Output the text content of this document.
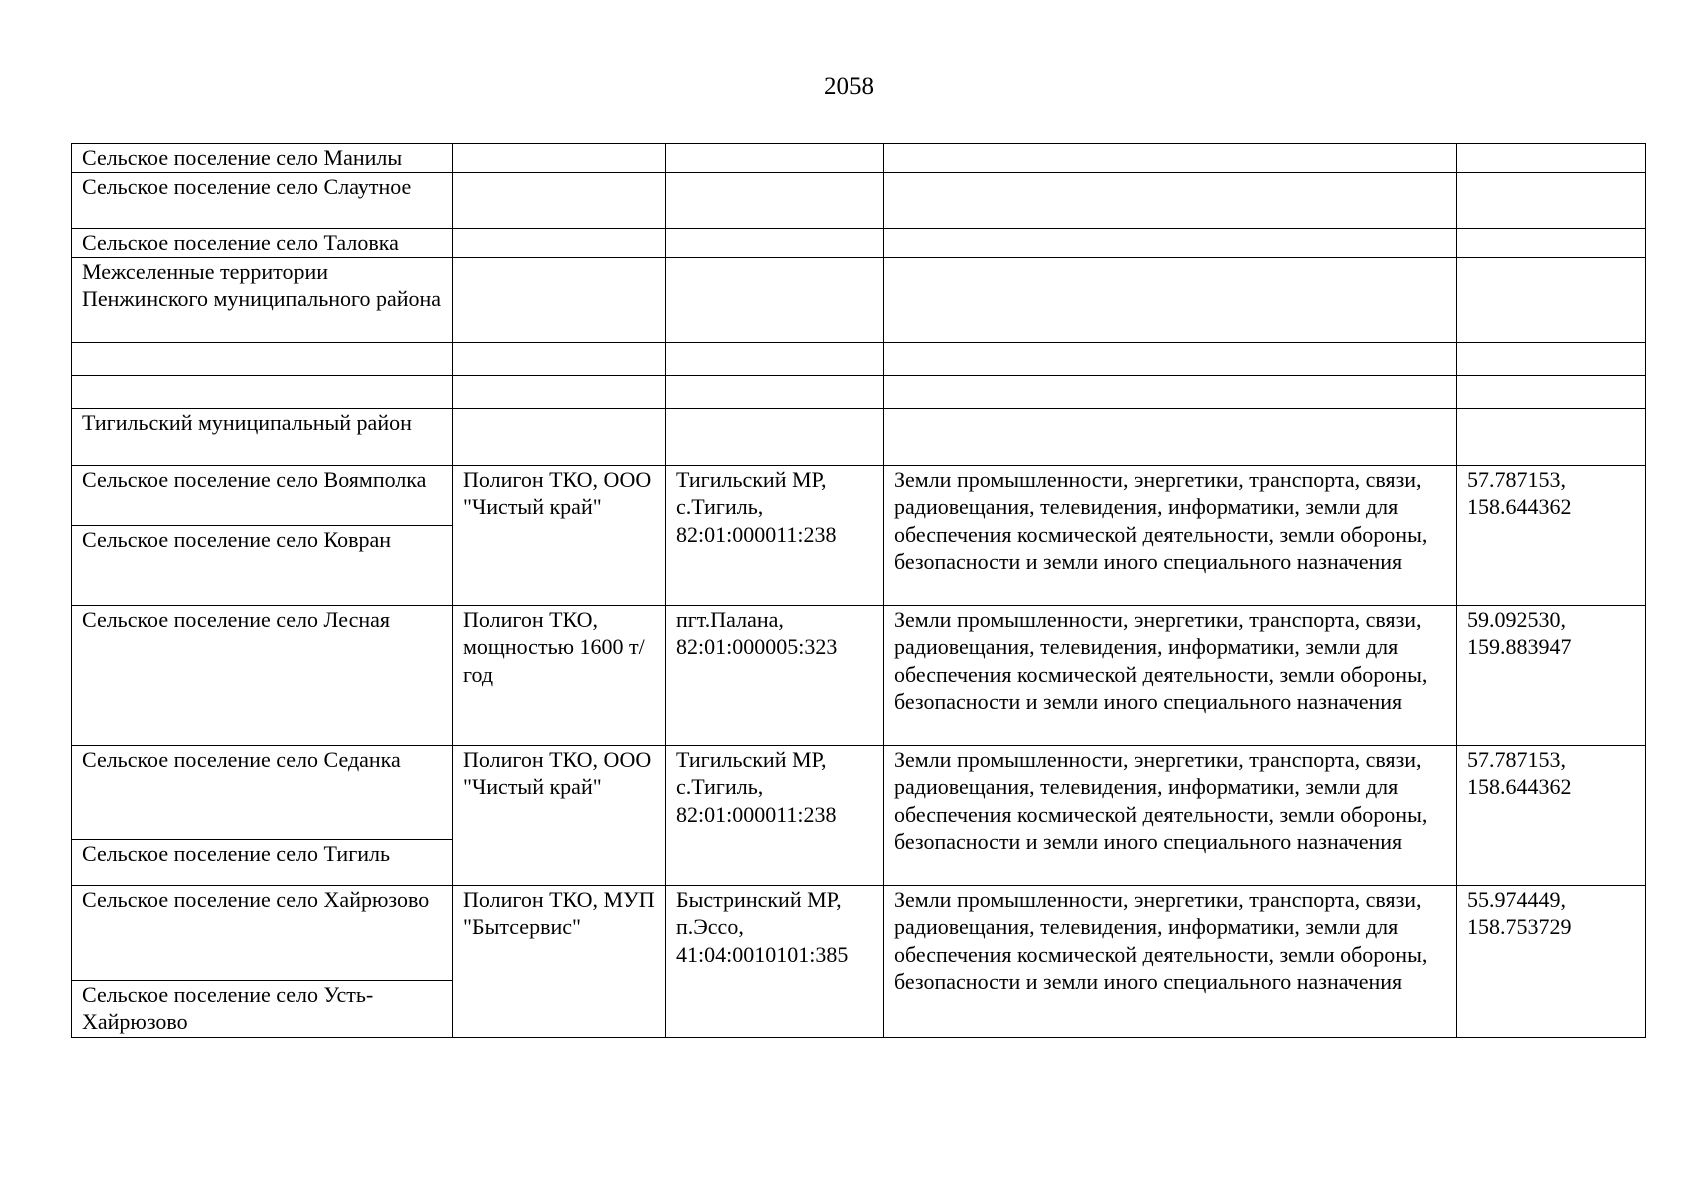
2058
Сельское поселение село Манилы				
Сельское поселение село Слаутное				
Сельское поселение село Таловка				
Межселенные территории Пенжинского муниципального района				

Тигильский муниципальный район				
Сельское поселение село Воямполка	Полигон ТКО, ООО "Чистый край"	Тигильский МР, с.Тигиль, 82:01:000011:238	Земли промышленности, энергетики, транспорта, связи, радиовещания, телевидения, информатики, земли для обеспечения космической деятельности, земли обороны, безопасности и земли иного специального назначения	57.787153, 158.644362
Сельское поселение село Ковран				
Сельское поселение село Лесная	Полигон ТКО, мощностью 1600 т/год	пгт.Палана, 82:01:000005:323	Земли промышленности, энергетики, транспорта, связи, радиовещания, телевидения, информатики, земли для обеспечения космической деятельности, земли обороны, безопасности и земли иного специального назначения	59.092530, 159.883947
Сельское поселение село Седанка	Полигон ТКО, ООО "Чистый край"	Тигильский МР, с.Тигиль, 82:01:000011:238	Земли промышленности, энергетики, транспорта, связи, радиовещания, телевидения, информатики, земли для обеспечения космической деятельности, земли обороны, безопасности и земли иного специального назначения	57.787153, 158.644362
Сельское поселение село Тигиль				
Сельское поселение село Хайрюзово	Полигон ТКО, МУП "Бытсервис"	Быстринский МР, п.Эссо, 41:04:0010101:385	Земли промышленности, энергетики, транспорта, связи, радиовещания, телевидения, информатики, земли для обеспечения космической деятельности, земли обороны, безопасности и земли иного специального назначения	55.974449, 158.753729
Сельское поселение село Усть-Хайрюзово				
